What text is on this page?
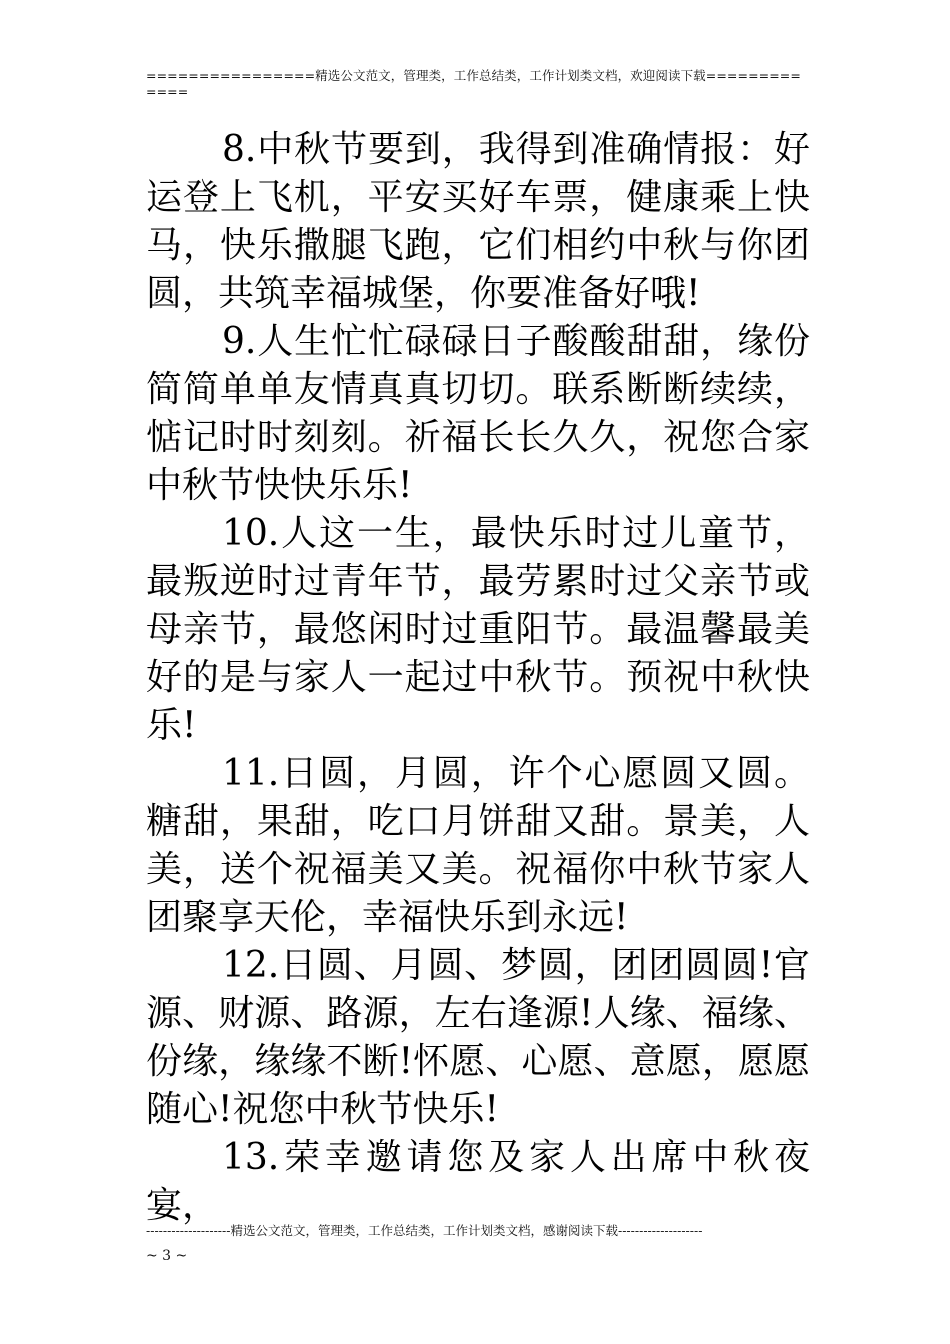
================精选公文范文，管理类，工作总结类，工作计划类文档，欢迎阅读下载=============

8.中秋节要到，我得到准确情报：好运登上飞机，平安买好车票，健康乘上快马，快乐撒腿飞跑，它们相约中秋与你团圆，共筑幸福城堡，你要准备好哦!

9.人生忙忙碌碌日子酸酸甜甜，缘份简简单单友情真真切切。联系断断续续，惦记时时刻刻。祈福长长久久，祝您合家中秋节快快乐乐!

10.人这一生，最快乐时过儿童节，最叛逆时过青年节，最劳累时过父亲节或母亲节，最悠闲时过重阳节。最温馨最美好的是与家人一起过中秋节。预祝中秋快乐!

11.日圆，月圆，许个心愿圆又圆。糖甜，果甜，吃口月饼甜又甜。景美，人美，送个祝福美又美。祝福你中秋节家人团聚享天伦，幸福快乐到永远!

12.日圆、月圆、梦圆，团团圆圆!官源、财源、路源，左右逢源!人缘、福缘、份缘，缘缘不断!怀愿、心愿、意愿，愿愿随心!祝您中秋节快乐!

13.荣幸邀请您及家人出席中秋夜宴，

--------------------精选公文范文，管理类，工作总结类，工作计划类文档，感谢阅读下载--------------------
~ 3 ~
